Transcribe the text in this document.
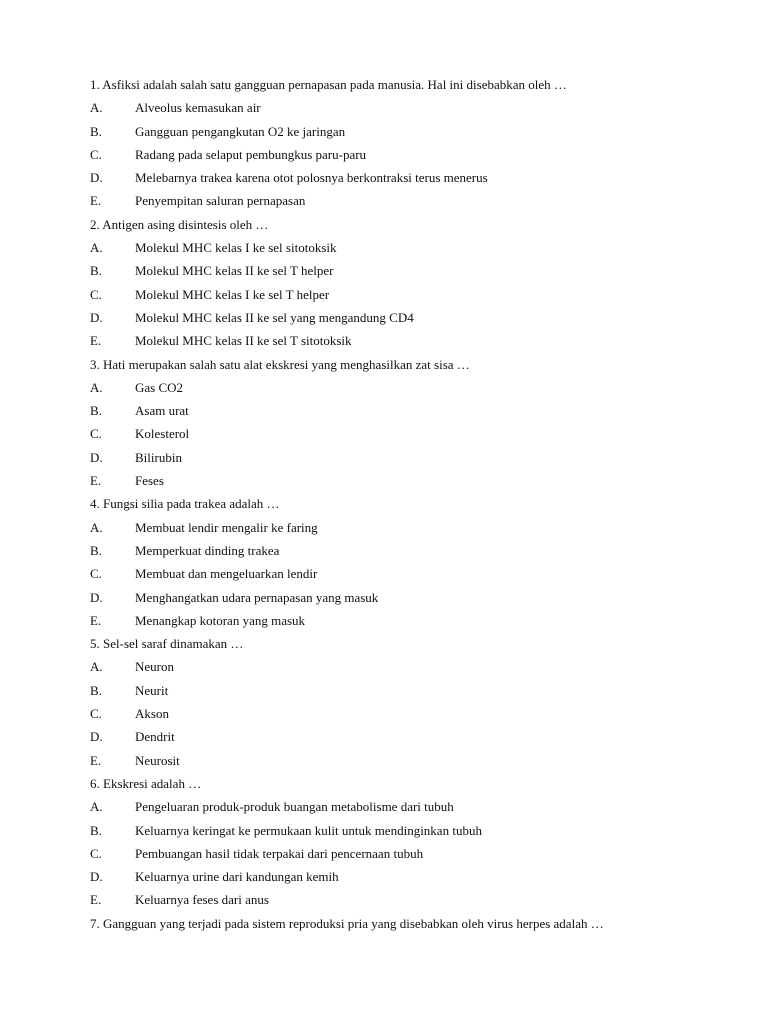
1. Asfiksi adalah salah satu gangguan pernapasan pada manusia. Hal ini disebabkan oleh …
A. Alveolus kemasukan air
B.	Gangguan pengangkutan O2 ke jaringan
C.	Radang pada selaput pembungkus paru-paru
D. Melebarnya trakea karena otot polosnya berkontraksi terus menerus
E.	Penyempitan saluran pernapasan
2. Antigen asing disintesis oleh …
A. Molekul MHC kelas I ke sel sitotoksik
B.	Molekul MHC kelas II ke sel T helper
C.	Molekul MHC kelas I ke sel T helper
D. Molekul MHC kelas II ke sel yang mengandung CD4
E.	Molekul MHC kelas II ke sel T sitotoksik
3. Hati merupakan salah satu alat ekskresi yang menghasilkan zat sisa …
A. Gas CO2
B.	Asam urat
C.	Kolesterol
D. Bilirubin
E.	Feses
4. Fungsi silia pada trakea adalah …
A. Membuat lendir mengalir ke faring
B.	Memperkuat dinding trakea
C.	Membuat dan mengeluarkan lendir
D. Menghangatkan udara pernapasan yang masuk
E.	Menangkap kotoran yang masuk
5. Sel-sel saraf dinamakan …
A. Neuron
B.	Neurit
C.	Akson
D. Dendrit
E.	Neurosit
6. Ekskresi adalah …
A. Pengeluaran produk-produk buangan metabolisme dari tubuh
B.	Keluarnya keringat ke permukaan kulit untuk mendinginkan tubuh
C.	Pembuangan hasil tidak terpakai dari pencernaan tubuh
D. Keluarnya urine dari kandungan kemih
E.	Keluarnya feses dari anus
7. Gangguan yang terjadi pada sistem reproduksi pria yang disebabkan oleh virus herpes adalah …
